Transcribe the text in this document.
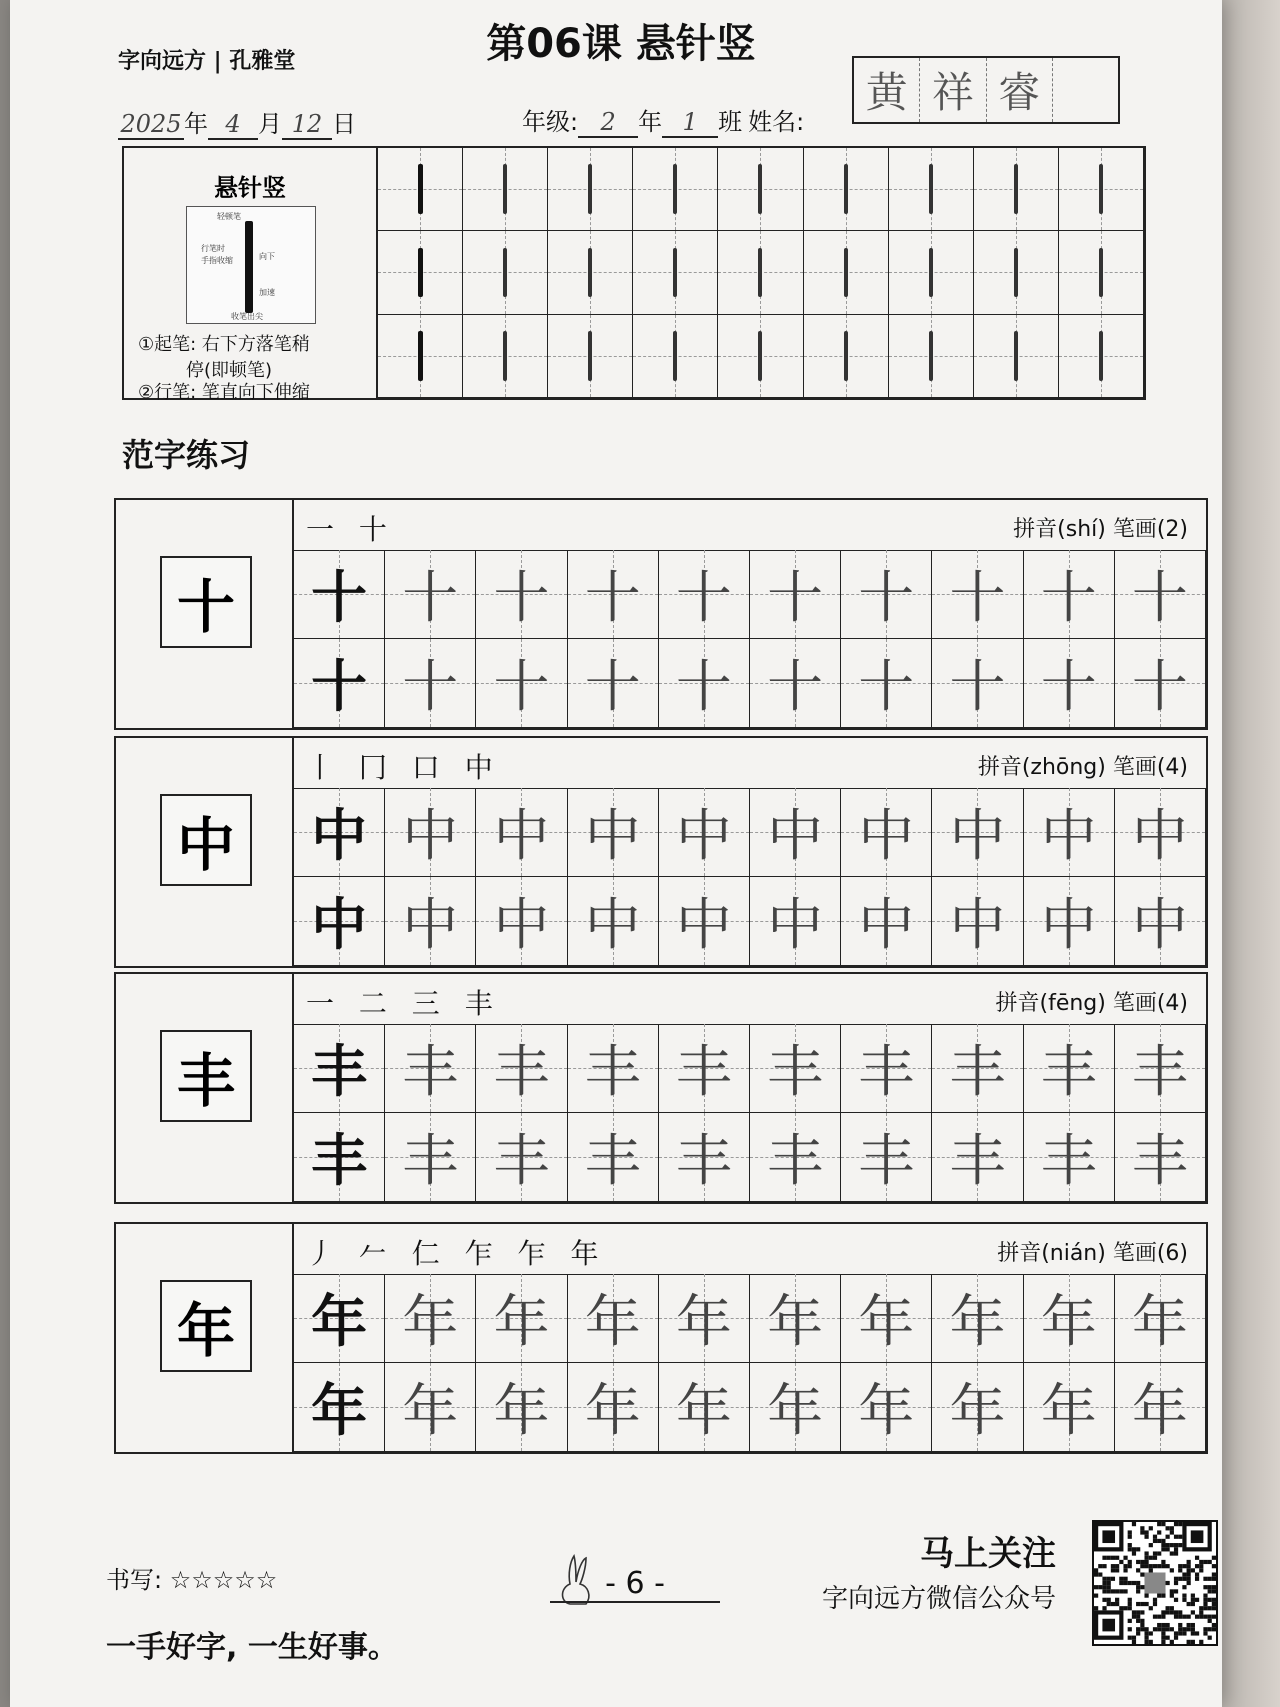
字向远方 | 孔雅堂	第06课 悬针竖
2025 年 4 月 12 日	年级: 2 年 1 班 姓名:
黄 祥 睿
悬针竖
轻顿笔
行笔时
手指收缩	向下
加速
收笔出尖
①起笔: 右下方落笔稍
停(即顿笔)
②行笔: 笔直向下伸缩
范字练习
十
一 十	拼音(shí) 笔画(2)
十 十 十 十 十 十 十 十 十 十
十 十 十 十 十 十 十 十 十 十
中
丨 冂 口 中	拼音(zhōng) 笔画(4)
中 中 中 中 中 中 中 中 中 中
中 中 中 中 中 中 中 中 中 中
丰
一 二 三 丰	拼音(fēng) 笔画(4)
丰 丰 丰 丰 丰 丰 丰 丰 丰 丰
丰 丰 丰 丰 丰 丰 丰 丰 丰 丰
年
丿 𠂉 仁 乍 乍 年	拼音(nián) 笔画(6)
年 年 年 年 年 年 年 年 年 年
年 年 年 年 年 年 年 年 年 年
书写: ☆☆☆☆☆
一手好字, 一生好事。
- 6 -
马上关注
字向远方微信公众号
